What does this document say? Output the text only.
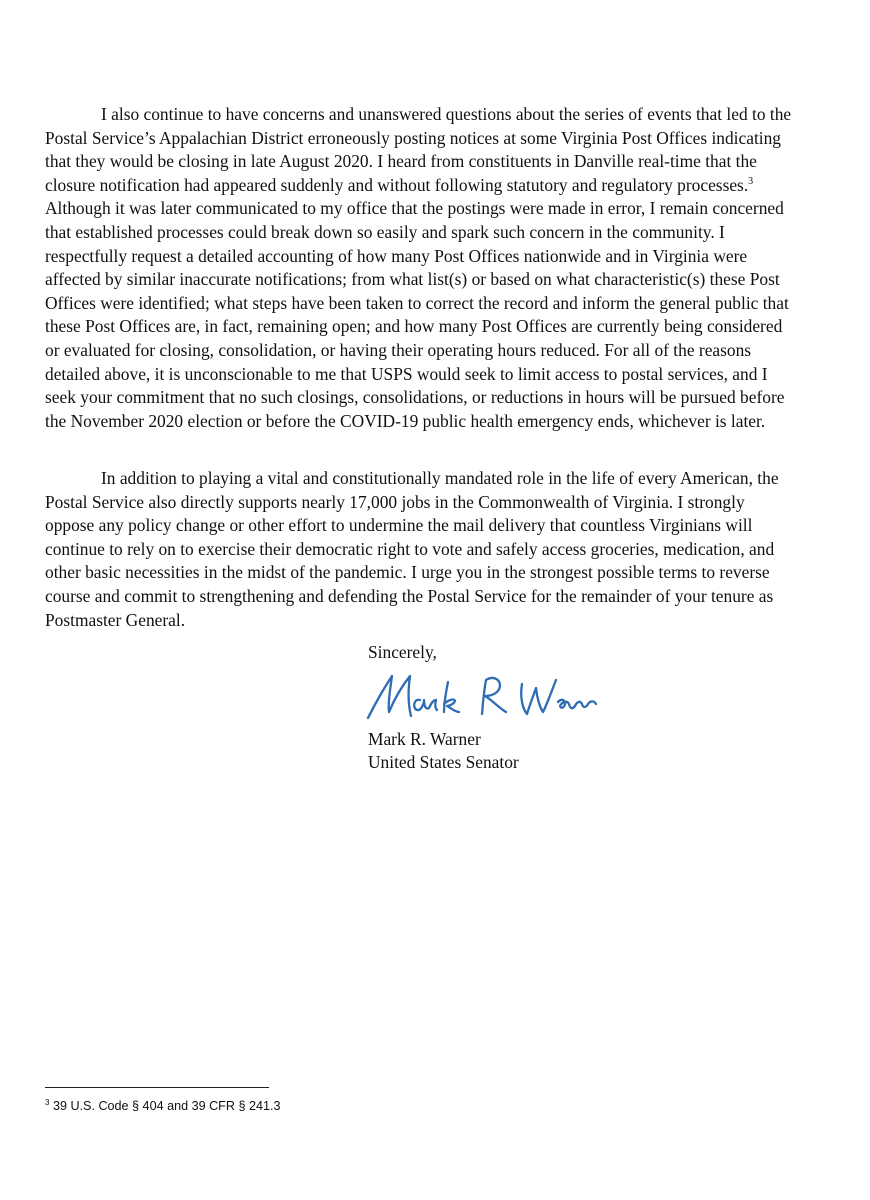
I also continue to have concerns and unanswered questions about the series of events that led to the Postal Service’s Appalachian District erroneously posting notices at some Virginia Post Offices indicating that they would be closing in late August 2020. I heard from constituents in Danville real-time that the closure notification had appeared suddenly and without following statutory and regulatory processes.$^3$ Although it was later communicated to my office that the postings were made in error, I remain concerned that established processes could break down so easily and spark such concern in the community. I respectfully request a detailed accounting of how many Post Offices nationwide and in Virginia were affected by similar inaccurate notifications; from what list(s) or based on what characteristic(s) these Post Offices were identified; what steps have been taken to correct the record and inform the general public that these Post Offices are, in fact, remaining open; and how many Post Offices are currently being considered or evaluated for closing, consolidation, or having their operating hours reduced. For all of the reasons detailed above, it is unconscionable to me that USPS would seek to limit access to postal services, and I seek your commitment that no such closings, consolidations, or reductions in hours will be pursued before the November 2020 election or before the COVID-19 public health emergency ends, whichever is later.

In addition to playing a vital and constitutionally mandated role in the life of every American, the Postal Service also directly supports nearly 17,000 jobs in the Commonwealth of Virginia. I strongly oppose any policy change or other effort to undermine the mail delivery that countless Virginians will continue to rely on to exercise their democratic right to vote and safely access groceries, medication, and other basic necessities in the midst of the pandemic. I urge you in the strongest possible terms to reverse course and commit to strengthening and defending the Postal Service for the remainder of your tenure as Postmaster General.

Sincerely,
Mark R. Warner
United States Senator
$^3$ 39 U.S. Code § 404 and 39 CFR § 241.3
